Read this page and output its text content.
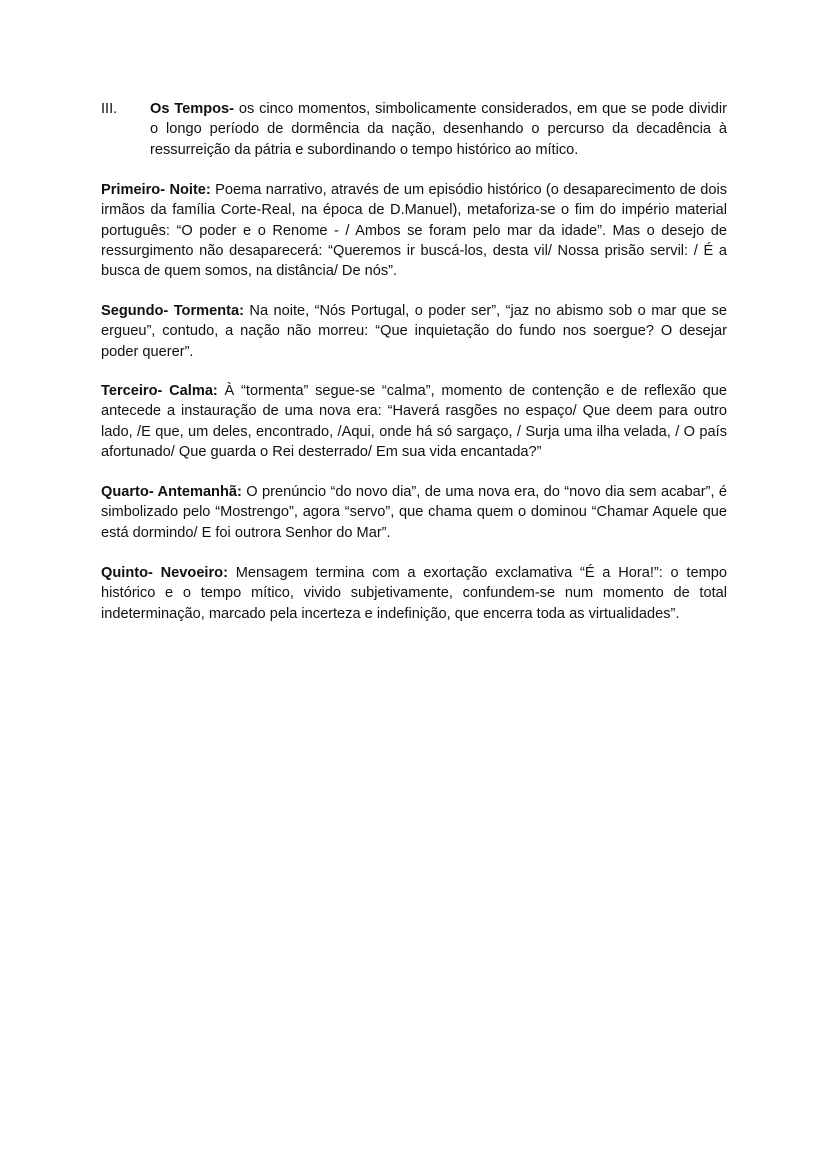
III. Os Tempos- os cinco momentos, simbolicamente considerados, em que se pode dividir o longo período de dormência da nação, desenhando o percurso da decadência à ressurreição da pátria e subordinando o tempo histórico ao mítico.

Primeiro- Noite: Poema narrativo, através de um episódio histórico (o desaparecimento de dois irmãos da família Corte-Real, na época de D.Manuel), metaforiza-se o fim do império material português: “O poder e o Renome - / Ambos se foram pelo mar da idade”. Mas o desejo de ressurgimento não desaparecerá: “Queremos ir buscá-los, desta vil/ Nossa prisão servil: / É a busca de quem somos, na distância/ De nós”.

Segundo- Tormenta: Na noite, “Nós Portugal, o poder ser”, “jaz no abismo sob o mar que se ergueu”, contudo, a nação não morreu: “Que inquietação do fundo nos soergue? O desejar poder querer”.

Terceiro- Calma: À “tormenta” segue-se “calma”, momento de contenção e de reflexão que antecede a instauração de uma nova era: “Haverá rasgões no espaço/ Que deem para outro lado, /E que, um deles, encontrado, /Aqui, onde há só sargaço, / Surja uma ilha velada, / O país afortunado/ Que guarda o Rei desterrado/ Em sua vida encantada?”

Quarto- Antemanhã: O prenúncio “do novo dia”, de uma nova era, do “novo dia sem acabar”, é simbolizado pelo “Mostrengo”, agora “servo”, que chama quem o dominou “Chamar Aquele que está dormindo/ E foi outrora Senhor do Mar”.

Quinto- Nevoeiro: Mensagem termina com a exortação exclamativa “É a Hora!”: o tempo histórico e o tempo mítico, vivido subjetivamente, confundem-se num momento de total indeterminação, marcado pela incerteza e indefinição, que encerra toda as virtualidades”.
